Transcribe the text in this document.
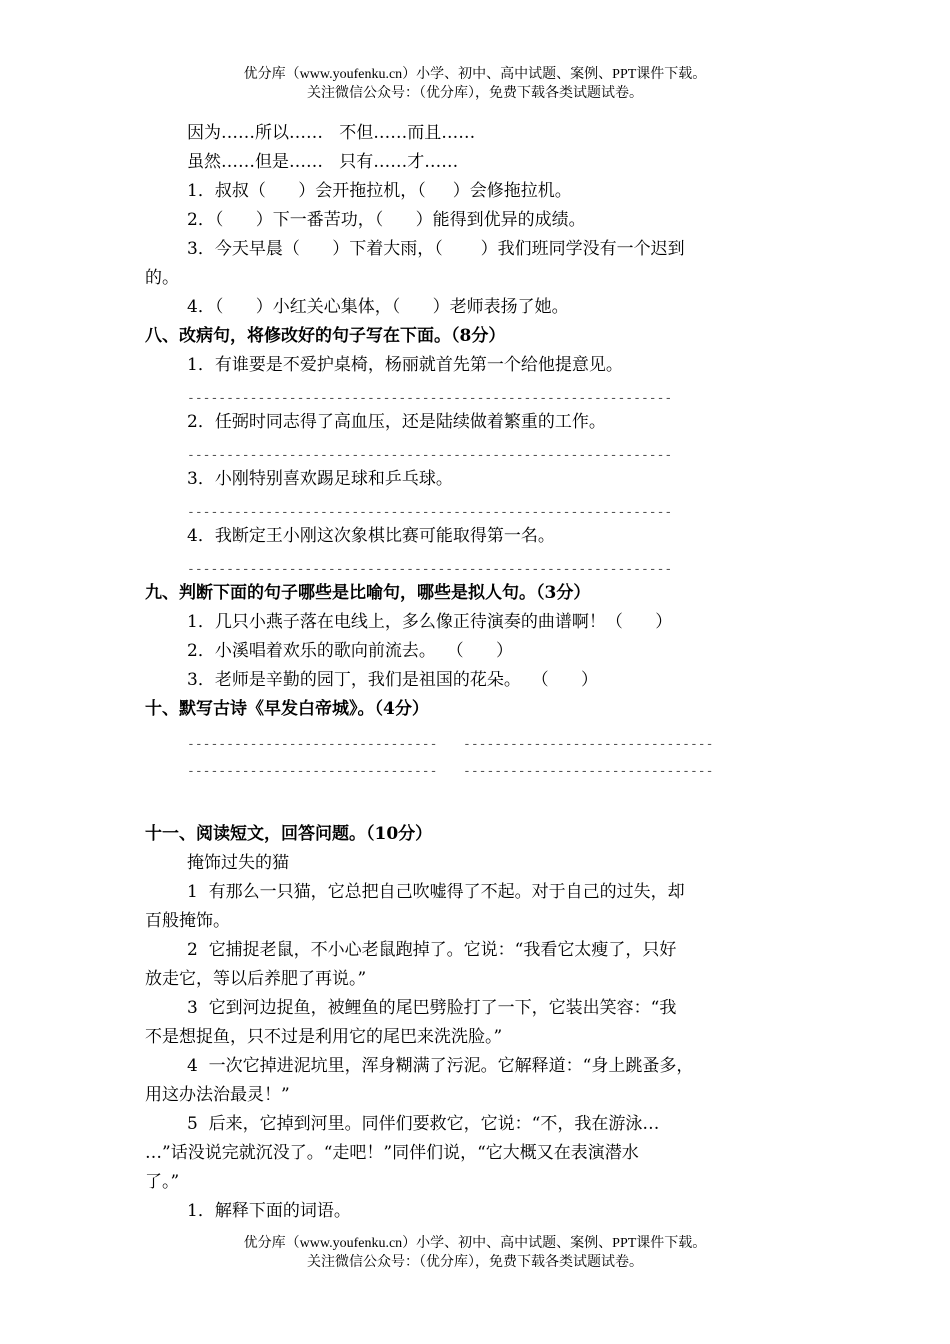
优分库（www.youfenku.cn）小学、初中、高中试题、案例、PPT课件下载。
关注微信公众号：（优分库），免费下载各类试题试卷。
因为……所以……   不但……而且……
虽然……但是……   只有……才……
1．叔叔（      ）会开拖拉机，（     ）会修拖拉机。
2．（      ）下一番苦功，（      ）能得到优异的成绩。
3．今天早晨（      ）下着大雨，（       ）我们班同学没有一个迟到
的。
4．（      ）小红关心集体，（      ）老师表扬了她。
八、改病句，将修改好的句子写在下面。（8分）
1．有谁要是不爱护桌椅，杨丽就首先第一个给他提意见。
--------------------------------------------------------------
2．任弼时同志得了高血压，还是陆续做着繁重的工作。
--------------------------------------------------------------
3．小刚特别喜欢踢足球和乒乓球。
--------------------------------------------------------------
4．我断定王小刚这次象棋比赛可能取得第一名。
--------------------------------------------------------------
九、判断下面的句子哪些是比喻句，哪些是拟人句。（3分）
1．几只小燕子落在电线上，多么像正待演奏的曲谱啊！（      ）
2．小溪唱着欢乐的歌向前流去。  （      ）
3．老师是辛勤的园丁，我们是祖国的花朵。  （      ）
十、默写古诗《早发白帝城》。（4分）
--------------------------------	--------------------------------
--------------------------------	--------------------------------
十一、阅读短文，回答问题。（10分）
掩饰过失的猫
1  有那么一只猫，它总把自己吹嘘得了不起。对于自己的过失，却
百般掩饰。
2  它捕捉老鼠，不小心老鼠跑掉了。它说：“我看它太瘦了，只好
放走它，等以后养肥了再说。”
3  它到河边捉鱼，被鲤鱼的尾巴劈脸打了一下，它装出笑容：“我
不是想捉鱼，只不过是利用它的尾巴来洗洗脸。”
4  一次它掉进泥坑里，浑身糊满了污泥。它解释道：“身上跳蚤多，
用这办法治最灵！”
5  后来，它掉到河里。同伴们要救它，它说：“不，我在游泳…
…”话没说完就沉没了。“走吧！”同伴们说，“它大概又在表演潜水
了。”
1．解释下面的词语。
优分库（www.youfenku.cn）小学、初中、高中试题、案例、PPT课件下载。
关注微信公众号：（优分库），免费下载各类试题试卷。
